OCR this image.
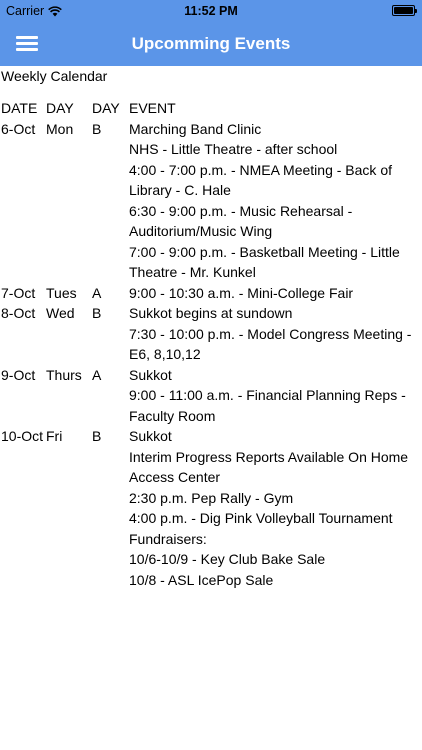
Carrier	11:52 PM
Upcomming Events
Weekly Calendar
DATE DAY DAY EVENT
6-Oct Mon B Marching Band Clinic
NHS - Little Theatre - after school
4:00 - 7:00 p.m. - NMEA Meeting - Back of Library - C. Hale
6:30 - 9:00 p.m. - Music Rehearsal - Auditorium/Music Wing
7:00 - 9:00 p.m. - Basketball Meeting - Little Theatre - Mr. Kunkel
7-Oct Tues A 9:00 - 10:30 a.m. - Mini-College Fair
8-Oct Wed B Sukkot begins at sundown
7:30 - 10:00 p.m. - Model Congress Meeting - E6, 8,10,12
9-Oct Thurs A Sukkot
9:00 - 11:00 a.m. - Financial Planning Reps - Faculty Room
10-Oct Fri B Sukkot
Interim Progress Reports Available On Home Access Center
2:30 p.m. Pep Rally - Gym
4:00 p.m. - Dig Pink Volleyball Tournament
Fundraisers:
10/6-10/9 - Key Club Bake Sale
10/8 - ASL IcePop Sale
